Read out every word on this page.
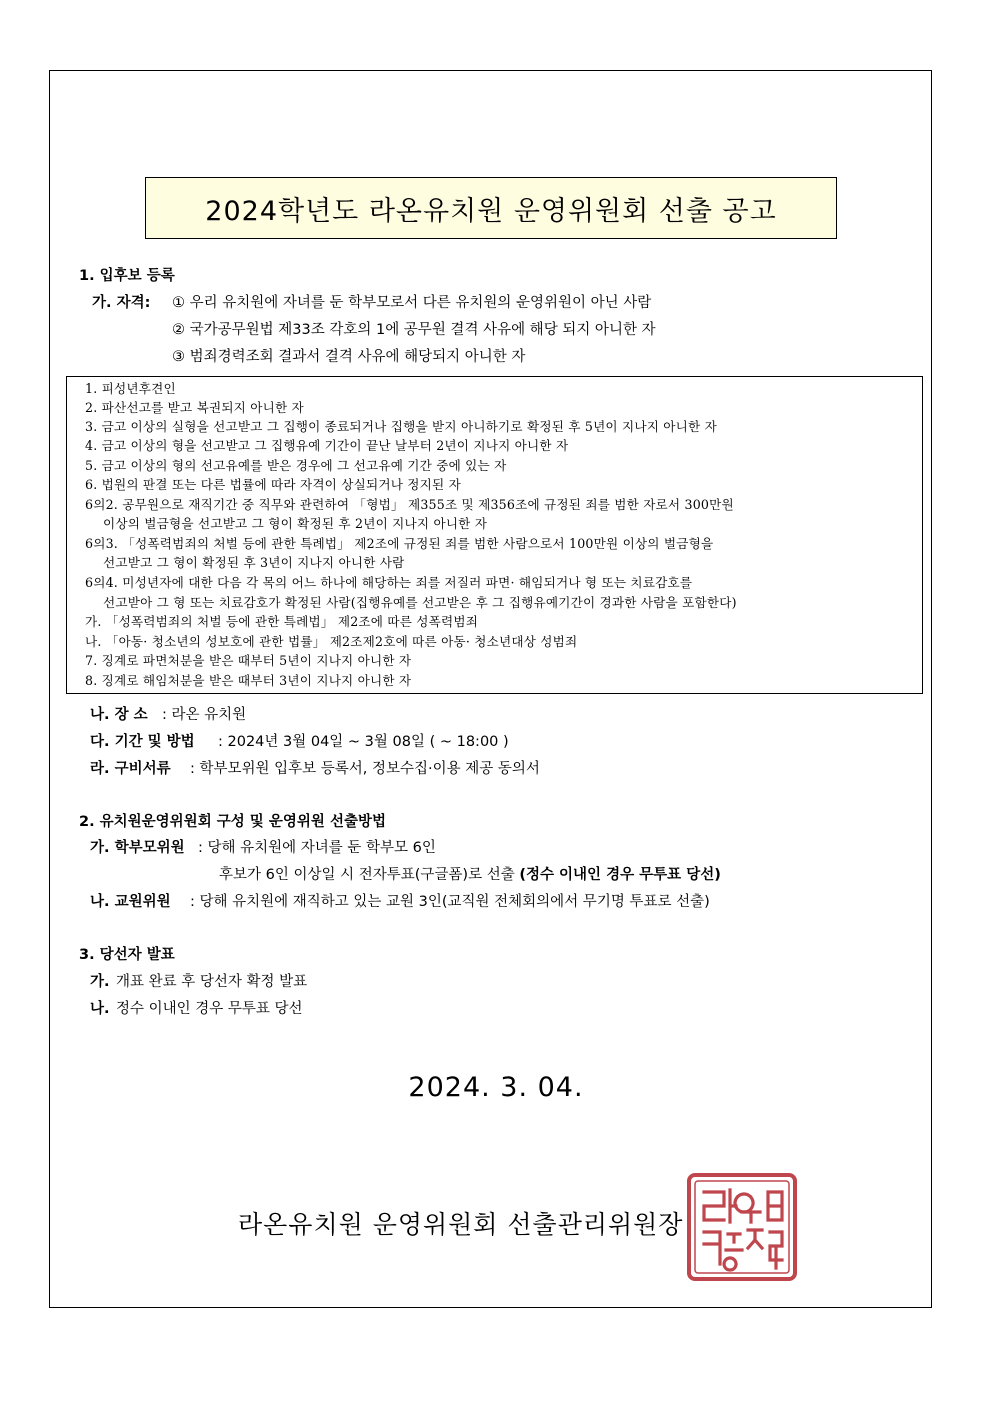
2024학년도 라온유치원 운영위원회 선출 공고
1. 입후보 등록
가. 자격: ① 우리 유치원에 자녀를 둔 학부모로서 다른 유치원의 운영위원이 아닌 사람
② 국가공무원법 제33조 각호의 1에 공무원 결격 사유에 해당 되지 아니한 자
③ 범죄경력조회 결과서 결격 사유에 해당되지 아니한 자
1. 피성년후견인
2. 파산선고를 받고 복권되지 아니한 자
3. 금고 이상의 실형을 선고받고 그 집행이 종료되거나 집행을 받지 아니하기로 확정된 후 5년이 지나지 아니한 자
4. 금고 이상의 형을 선고받고 그 집행유예 기간이 끝난 날부터 2년이 지나지 아니한 자
5. 금고 이상의 형의 선고유예를 받은 경우에 그 선고유예 기간 중에 있는 자
6. 법원의 판결 또는 다른 법률에 따라 자격이 상실되거나 정지된 자
6의2. 공무원으로 재직기간 중 직무와 관련하여 「형법」 제355조 및 제356조에 규정된 죄를 범한 자로서 300만원
이상의 벌금형을 선고받고 그 형이 확정된 후 2년이 지나지 아니한 자
6의3. 「성폭력범죄의 처벌 등에 관한 특례법」 제2조에 규정된 죄를 범한 사람으로서 100만원 이상의 벌금형을
선고받고 그 형이 확정된 후 3년이 지나지 아니한 사람
6의4. 미성년자에 대한 다음 각 목의 어느 하나에 해당하는 죄를 저질러 파면· 해임되거나 형 또는 치료감호를
선고받아 그 형 또는 치료감호가 확정된 사람(집행유예를 선고받은 후 그 집행유예기간이 경과한 사람을 포함한다)
가. 「성폭력범죄의 처벌 등에 관한 특례법」 제2조에 따른 성폭력범죄
나. 「아동· 청소년의 성보호에 관한 법률」 제2조제2호에 따른 아동· 청소년대상 성범죄
7. 징계로 파면처분을 받은 때부터 5년이 지나지 아니한 자
8. 징계로 해임처분을 받은 때부터 3년이 지나지 아니한 자
나. 장 소 : 라온 유치원
다. 기간 및 방법 : 2024년 3월 04일 ~ 3월 08일 ( ~ 18:00 )
라. 구비서류 : 학부모위원 입후보 등록서, 정보수집·이용 제공 동의서
2. 유치원운영위원회 구성 및 운영위원 선출방법
가. 학부모위원 : 당해 유치원에 자녀를 둔 학부모 6인
후보가 6인 이상일 시 전자투표(구글폼)로 선출 (정수 이내인 경우 무투표 당선)
나. 교원위원 : 당해 유치원에 재직하고 있는 교원 3인(교직원 전체회의에서 무기명 투표로 선출)
3. 당선자 발표
가. 개표 완료 후 당선자 확정 발표
나. 정수 이내인 경우 무투표 당선
2024. 3. 04.
라온유치원 운영위원회 선출관리위원장
